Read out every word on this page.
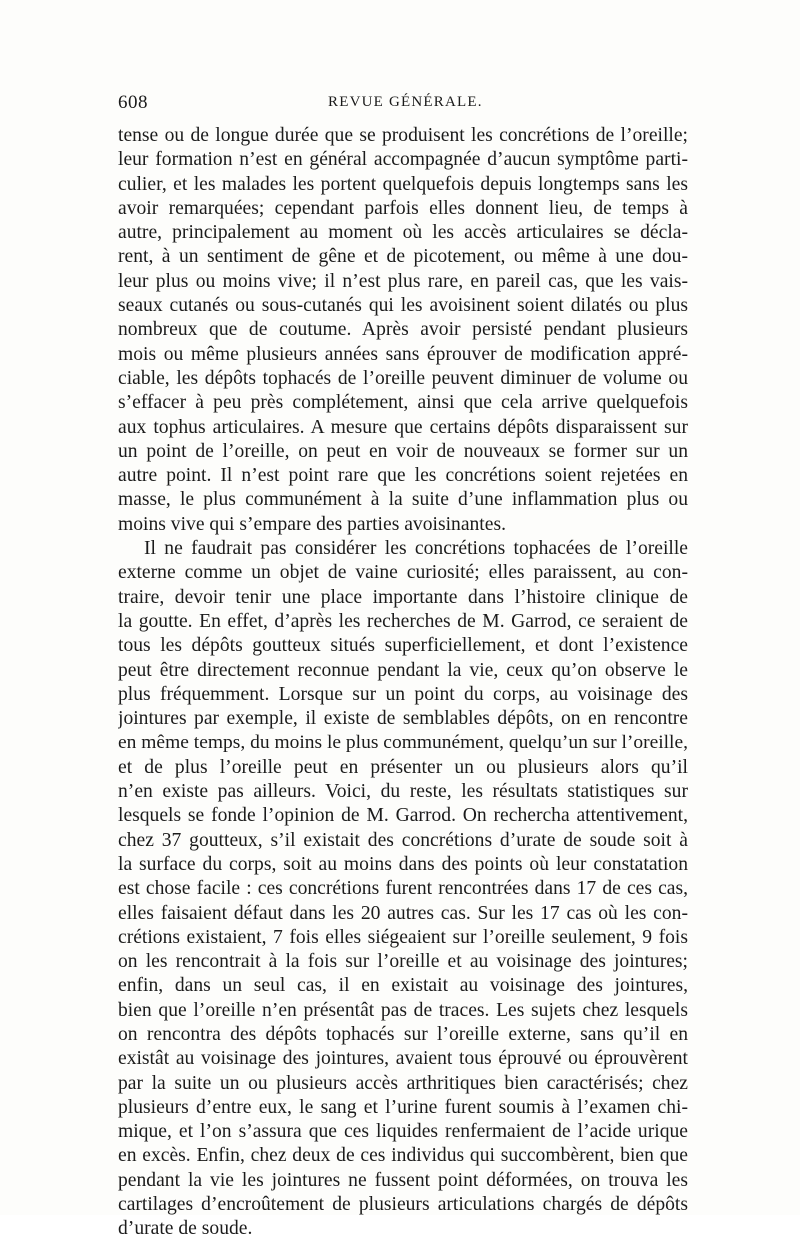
608	REVUE GÉNÉRALE.
tense ou de longue durée que se produisent les concrétions de l’oreille;
leur formation n’est en général accompagnée d’aucun symptôme parti-
culier, et les malades les portent quelquefois depuis longtemps sans les
avoir remarquées; cependant parfois elles donnent lieu, de temps à
autre, principalement au moment où les accès articulaires se décla-
rent, à un sentiment de gêne et de picotement, ou même à une dou-
leur plus ou moins vive; il n’est plus rare, en pareil cas, que les vais-
seaux cutanés ou sous-cutanés qui les avoisinent soient dilatés ou plus
nombreux que de coutume. Après avoir persisté pendant plusieurs
mois ou même plusieurs années sans éprouver de modification appré-
ciable, les dépôts tophacés de l’oreille peuvent diminuer de volume ou
s’effacer à peu près complétement, ainsi que cela arrive quelquefois
aux tophus articulaires. A mesure que certains dépôts disparaissent sur
un point de l’oreille, on peut en voir de nouveaux se former sur un
autre point. Il n’est point rare que les concrétions soient rejetées en
masse, le plus communément à la suite d’une inflammation plus ou
moins vive qui s’empare des parties avoisinantes.
Il ne faudrait pas considérer les concrétions tophacées de l’oreille
externe comme un objet de vaine curiosité; elles paraissent, au con-
traire, devoir tenir une place importante dans l’histoire clinique de
la goutte. En effet, d’après les recherches de M. Garrod, ce seraient de
tous les dépôts goutteux situés superficiellement, et dont l’existence
peut être directement reconnue pendant la vie, ceux qu’on observe le
plus fréquemment. Lorsque sur un point du corps, au voisinage des
jointures par exemple, il existe de semblables dépôts, on en rencontre
en même temps, du moins le plus communément, quelqu’un sur l’oreille,
et de plus l’oreille peut en présenter un ou plusieurs alors qu’il
n’en existe pas ailleurs. Voici, du reste, les résultats statistiques sur
lesquels se fonde l’opinion de M. Garrod. On rechercha attentivement,
chez 37 goutteux, s’il existait des concrétions d’urate de soude soit à
la surface du corps, soit au moins dans des points où leur constatation
est chose facile : ces concrétions furent rencontrées dans 17 de ces cas,
elles faisaient défaut dans les 20 autres cas. Sur les 17 cas où les con-
crétions existaient, 7 fois elles siégeaient sur l’oreille seulement, 9 fois
on les rencontrait à la fois sur l’oreille et au voisinage des jointures;
enfin, dans un seul cas, il en existait au voisinage des jointures,
bien que l’oreille n’en présentât pas de traces. Les sujets chez lesquels
on rencontra des dépôts tophacés sur l’oreille externe, sans qu’il en
existât au voisinage des jointures, avaient tous éprouvé ou éprouvèrent
par la suite un ou plusieurs accès arthritiques bien caractérisés; chez
plusieurs d’entre eux, le sang et l’urine furent soumis à l’examen chi-
mique, et l’on s’assura que ces liquides renfermaient de l’acide urique
en excès. Enfin, chez deux de ces individus qui succombèrent, bien que
pendant la vie les jointures ne fussent point déformées, on trouva les
cartilages d’encroûtement de plusieurs articulations chargés de dépôts
d’urate de soude.
